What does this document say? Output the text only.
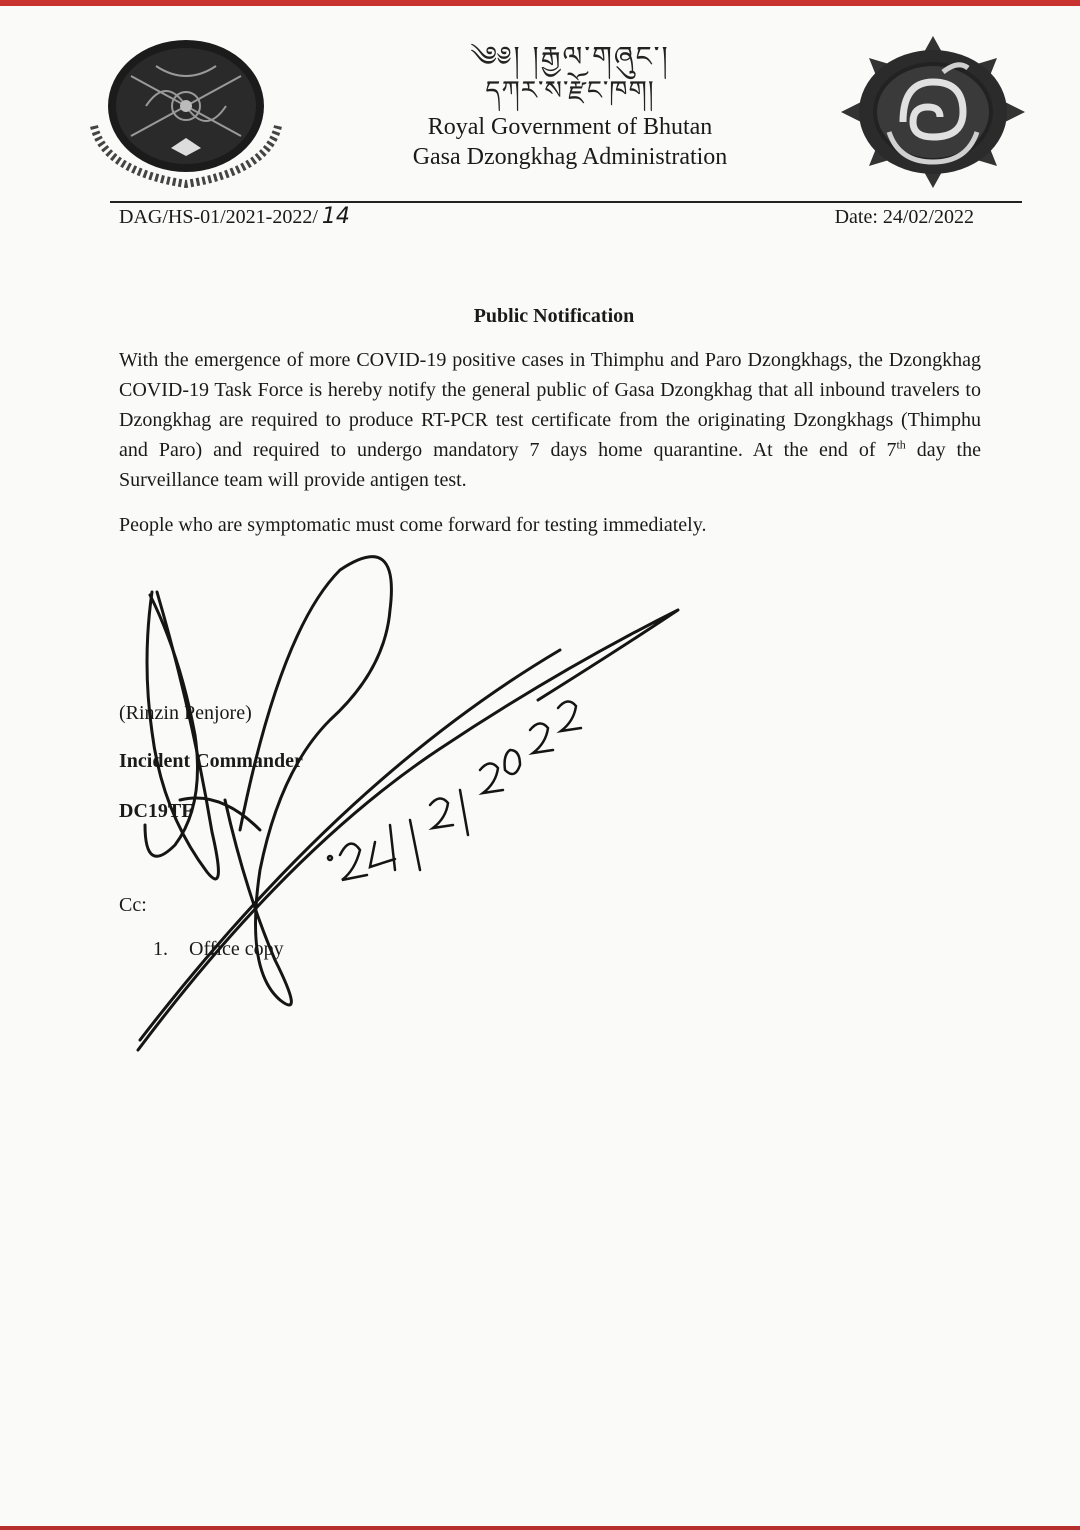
༄༅། །རྒྱལ་གཞུང་།
དཀར་ས་རྫོང་ཁག།
Royal Government of Bhutan
Gasa Dzongkhag Administration
DAG/HS-01/2021-2022/ 14	Date: 24/02/2022
Public Notification
With the emergence of more COVID-19 positive cases in Thimphu and Paro Dzongkhags, the Dzongkhag COVID-19 Task Force is hereby notify the general public of Gasa Dzongkhag that all inbound travelers to Dzongkhag are required to produce RT-PCR test certificate from the originating Dzongkhags (Thimphu and Paro) and required to undergo mandatory 7 days home quarantine. At the end of 7th day the Surveillance team will provide antigen test.
People who are symptomatic must come forward for testing immediately.
(Rinzin Penjore)
Incident Commander
DC19TF
Cc:
1. Office copy
